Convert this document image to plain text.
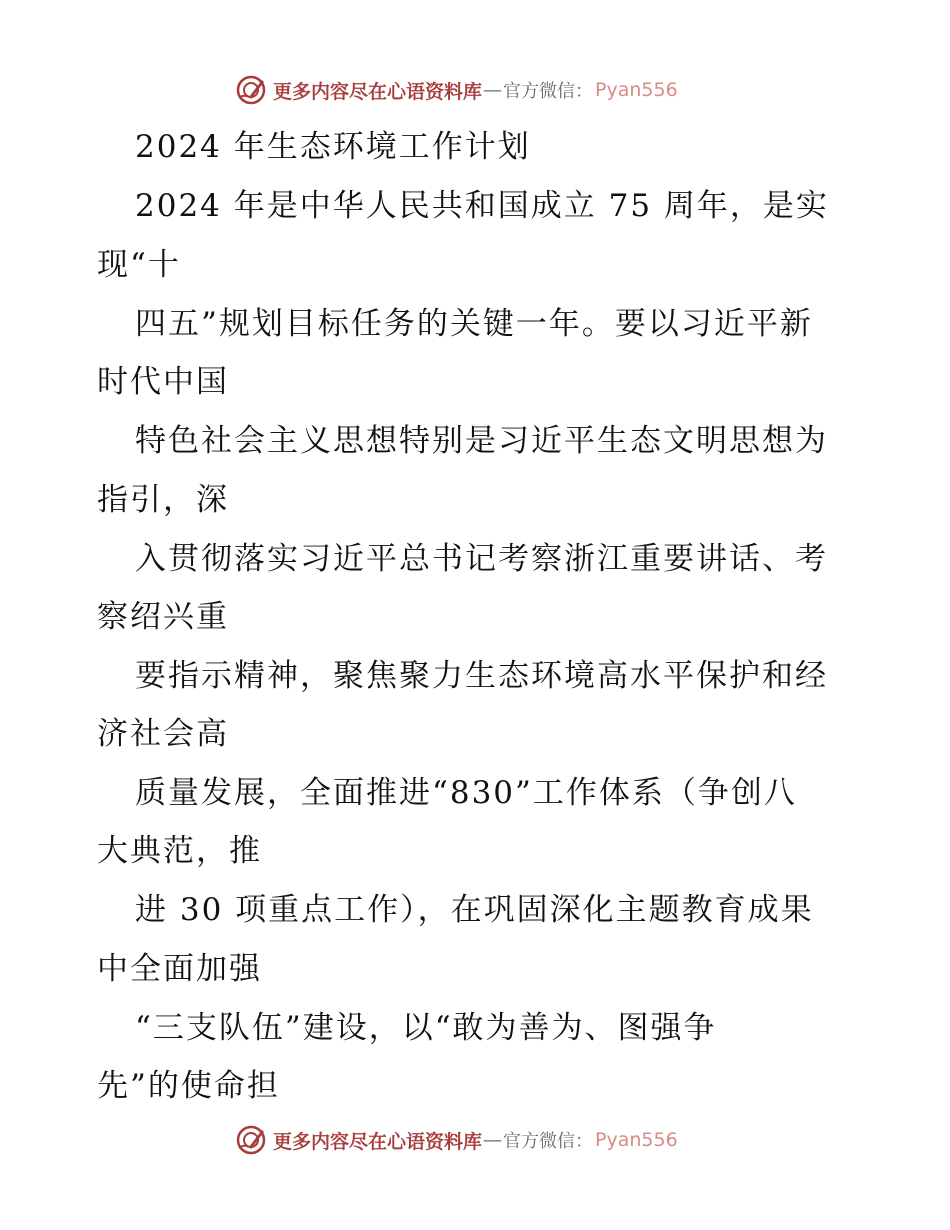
更多内容尽在心语资料库 — 官方微信： Pyan556

2024 年生态环境工作计划

2024 年是中华人民共和国成立 75 周年，是实

现“十

四五”规划目标任务的关键一年。要以习近平新

时代中国

特色社会主义思想特别是习近平生态文明思想为

指引，深

入贯彻落实习近平总书记考察浙江重要讲话、考

察绍兴重

要指示精神，聚焦聚力生态环境高水平保护和经

济社会高

质量发展，全面推进“830”工作体系（争创八

大典范，推

进 30 项重点工作），在巩固深化主题教育成果

中全面加强

“三支队伍”建设，以“敢为善为、图强争

先”的使命担

更多内容尽在心语资料库 — 官方微信： Pyan556
